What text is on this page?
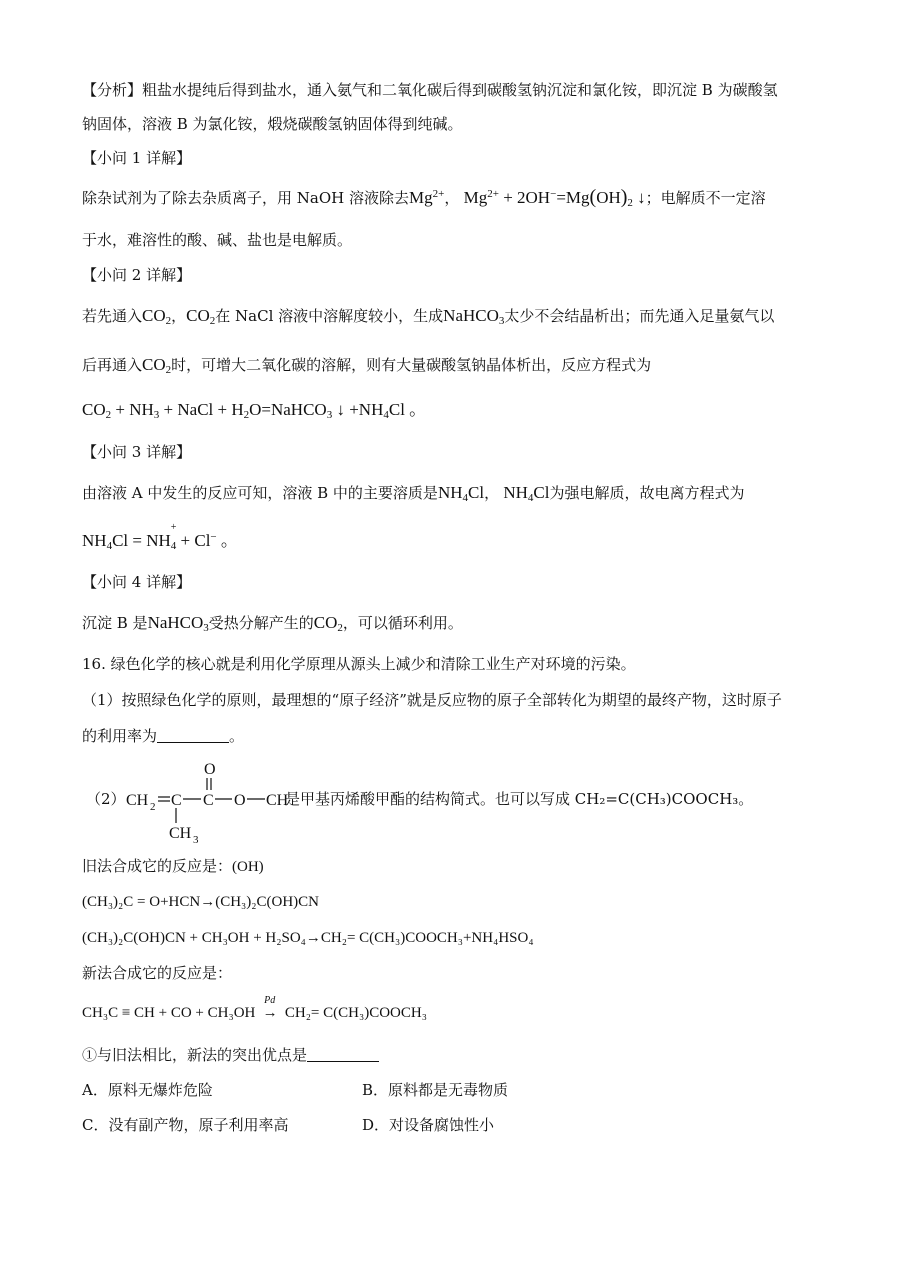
【分析】粗盐水提纯后得到盐水，通入氨气和二氧化碳后得到碳酸氢钠沉淀和氯化铵，即沉淀 B 为碳酸氢
钠固体，溶液 B 为氯化铵，煅烧碳酸氢钠固体得到纯碱。
【小问 1 详解】
除杂试剂为了除去杂质离子，用 NaOH 溶液除去$Mg^{2+}$， $Mg^{2+} + 2OH^-=Mg(OH)_2$ ↓；电解质不一定溶
于水，难溶性的酸、碱、盐也是电解质。
【小问 2 详解】
若先通入$CO_2$，$CO_2$在 NaCl 溶液中溶解度较小，生成NaHCO$_3$太少不会结晶析出；而先通入足量氨气以
后再通入$CO_2$时，可增大二氧化碳的溶解，则有大量碳酸氢钠晶体析出，反应方程式为
$CO_2 + NH_3$ + NaCl + $H_2O=NaHCO_3$ ↓ $+NH_4Cl$ 。
【小问 3 详解】
由溶液 A 中发生的反应可知，溶液 B 中的主要溶质是$NH_4Cl$， $NH_4Cl$为强电解质，故电离方程式为
$NH_4Cl$ = NH
$_{+ 4}$ + Cl− 。
【小问 4 详解】
沉淀 B 是NaHCO$_3$受热分解产生的$CO_2$，可以循环利用。
16. 绿色化学的核心就是利用化学原理从源头上减少和清除工业生产对环境的污染。
（1）按照绿色化学的原则，最理想的“原子经济”就是反应物的原子全部转化为期望的最终产物，这时原子
的利用率为	。
（2） CH 2 C C O CH
O
CH 3
是甲基丙烯酸甲酯的结构简式。也可以写成 CH₂=C(CH₃)COOCH₃。
旧法合成它的反应是：(OH)
(CH₃)₂C = O+HCN→(CH₃)₂C(OH)CN
(CH₃)₂C(OH)CN + CH₃OH + H₂SO₄→CH₂= C(CH₃)COOCH₃+NH₄HSO₄
新法合成它的反应是：
CH₃C ≡ CH + CO + CH₃OH
Pd
→ CH₂= C(CH₃)COOCH₃
①与旧法相比，新法的突出优点是
A．原料无爆炸危险	B．原料都是无毒物质
C．没有副产物，原子利用率高	D．对设备腐蚀性小
